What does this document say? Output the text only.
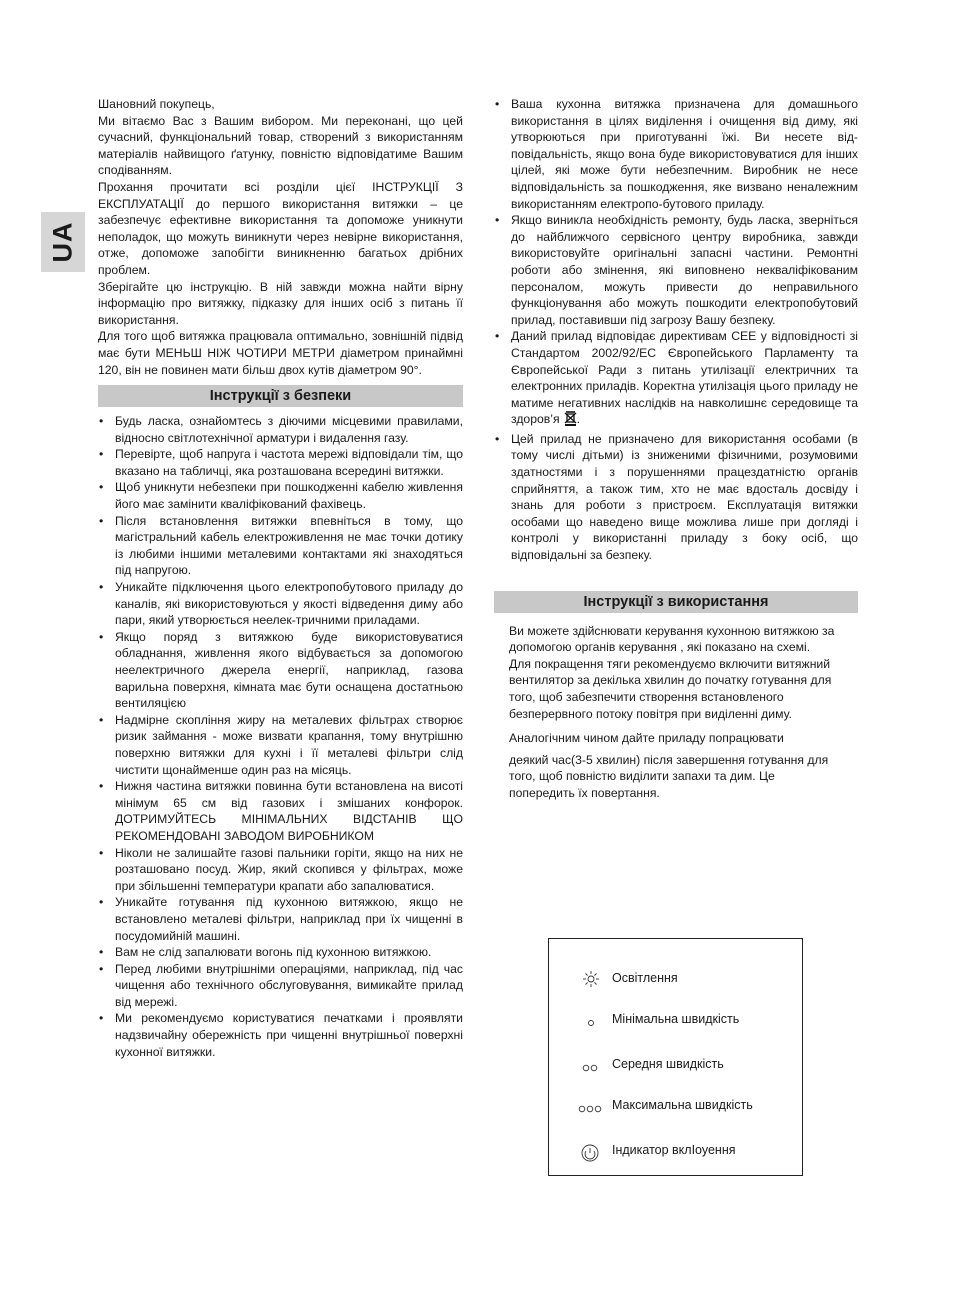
UA

Шановний покупець,

Ми вітаємо Вас з Вашим вибором. Ми переконані, що цей сучасний, функціональний товар, створений з використанням матеріалів найвищого ґатунку, повністю відповідатиме Вашим сподіванням.

Прохання прочитати всі розділи цієї ІНСТРУКЦІЇ З ЕКСПЛУАТАЦІЇ до першого використання витяжки – це забезпечує ефективне використання та допоможе уникнути неполадок, що можуть виникнути через невірне використання, отже, допоможе запобігти виникненню багатьох дрібних проблем.

Зберігайте цю інструкцію. В ній завжди можна найти вірну інформацію про витяжку, підказку для інших осіб з питань її використання.

Для того щоб витяжка працювала оптимально, зовнішній підвід має бути МЕНЬШ НІЖ ЧОТИРИ МЕТРИ діаметром принаймні 120, він не повинен мати більш двох кутів діаметром 90°.

Інструкції з безпеки
• Будь ласка, ознайомтесь з діючими місцевими правилами, відносно світлотехнічної арматури і видалення газу.
• Перевірте, щоб напруга і частота мережі відповідали тім, що вказано на табличці, яка розташована всередині витяжки.
• Щоб уникнути небезпеки при пошкодженні кабелю живлення його має замінити кваліфікований фахівець.
• Після встановлення витяжки впевніться в тому, що магістральний кабель електроживлення не має точки дотику із любими іншими металевими контактами які знаходяться під напругою.
• Уникайте підключення цього електропобутового приладу до каналів, які використовуються у якості відведення диму або пари, який утворюється неелек-тричними приладами.
• Якщо поряд з витяжкою буде використовуватися обладнання, живлення якого відбувається за допомогою неелектричного джерела енергії, наприклад, газова варильна поверхня, кімната має бути оснащена достатньою вентиляцією
• Надмірне скоплiння жиру на металевих фільтрах створює ризик займання - може визвати крапання, тому внутрішню поверхню витяжки для кухні і її металеві фільтри слід чистити щонайменше один раз на місяць.
• Нижня частина витяжки повинна бути встановлена на висоті мінімум 65 см від газових і змішаних конфорок. ДОТРИМУЙТЕСЬ МІНІМАЛЬНИХ ВІДСТАНІВ ЩО РЕКОМЕНДОВАНІ ЗАВОДОМ ВИРОБНИКОМ
• Ніколи не залишайте газові пальники горіти, якщо на них не розташовано посуд. Жир, який скопився у фільтрах, може при збільшенні температури крапати або запалюватися.
• Уникайте готування під кухонною витяжкою, якщо не встановлено металеві фільтри, наприклад при їх чищенні в посудомийній машині.
• Вам не слід запалювати вогонь під кухонною витяжкою.
• Перед любими внутрішніми операціями, наприклад, під час чищення або технічного обслуговування, вимикайте прилад від мережі.
• Ми рекомендуємо користуватися печатками і проявляти надзвичайну обережність при чищенні внутрішньої поверхні кухонної витяжки.
• Ваша кухонна витяжка призначена для домашнього використання в цілях виділення і очищення від диму, які утворюються при приготуванні їжі. Ви несете від-повідальність, якщо вона буде використовуватися для інших цілей, які може бути небезпечним. Виробник не несе відповідальність за пошкодження, яке визвано неналежним використанням електропо-бутового приладу.
• Якщо виникла необхідність ремонту, будь ласка, зверніться до найближчого сервісного центру виробника, завжди використовуйте оригінальні запасні частини. Ремонтні роботи або змінення, які виповнено некваліфікованим персоналом, можуть привести до неправильного функціонування або можуть пошкодити електропобутовий прилад, поставивши під загрозу Вашу безпеку.
• Даний прилад відповідає директивам CEE у відповідності зі Стандартом 2002/92/EC Європейського Парламенту та Європейської Ради з питань утилізації електричних та електронних приладів. Коректна утилізація цього приладу не матиме негативних наслідків на навколишнє середовище та здоров’я .
• Цей прилад не призначено для використання особами (в тому числі дітьми) із зниженими фізичними, розумовими здатностями і з порушеннями працездатністю органів сприйняття, а також тим, хто не має вдосталь досвіду і знань для роботи з пристроєм. Експлуатація витяжки особами що наведено вище можлива лише при догляді і контролі у використанні приладу з боку осіб, що відповідальні за безпеку.
Інструкції з використання

Ви можете здійснювати керування кухонною витяжкою за допомогою органів керування , які показано на схемі.

Для покращення тяги рекомендуємо включити витяжний вентилятор за декілька хвилин до початку готування для того, щоб забезпечити створення встановленого безперервного потоку повітря при виділенні диму.

Аналогічним чином дайте приладу попрацювати

деякий час(3-5 хвилин) після завершення готування для того, щоб повністю виділити запахи та дим. Це попередить їх повертання.

Освітлення
Мінімальна швидкість
Середня швидкість
Максимальна швидкість
Індикатор вклІоуення
